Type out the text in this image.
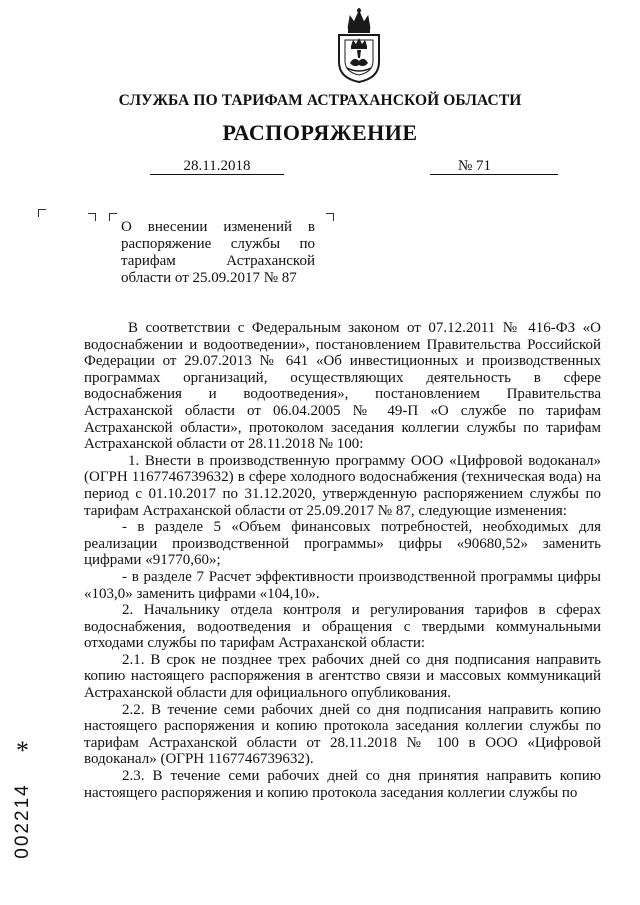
СЛУЖБА ПО ТАРИФАМ АСТРАХАНСКОЙ ОБЛАСТИ
РАСПОРЯЖЕНИЕ
28.11.2018	№ 71

О внесении изменений в

распоряжение службы по

тарифам Астраханской

области от 25.09.2017 № 87

В соответствии с Федеральным законом от 07.12.2011 № 416-ФЗ «О водоснабжении и водоотведении», постановлением Правительства Российской Федерации от 29.07.2013 № 641 «Об инвестиционных и производственных программах организаций, осуществляющих деятельность в сфере водоснабжения и водоотведения», постановлением Правительства Астраханской области от 06.04.2005 № 49-П «О службе по тарифам Астраханской области», протоколом заседания коллегии службы по тарифам Астраханской области от 28.11.2018 № 100:

1. Внести в производственную программу ООО «Цифровой водоканал» (ОГРН 1167746739632) в сфере холодного водоснабжения (техническая вода) на период с 01.10.2017 по 31.12.2020, утвержденную распоряжением службы по тарифам Астраханской области от 25.09.2017 № 87, следующие изменения:

- в разделе 5 «Объем финансовых потребностей, необходимых для реализации производственной программы» цифры «90680,52» заменить цифрами «91770,60»;

- в разделе 7 Расчет эффективности производственной программы цифры «103,0» заменить цифрами «104,10».

2. Начальнику отдела контроля и регулирования тарифов в сферах водоснабжения, водоотведения и обращения с твердыми коммунальными отходами службы по тарифам Астраханской области:

2.1. В срок не позднее трех рабочих дней со дня подписания направить копию настоящего распоряжения в агентство связи и массовых коммуникаций Астраханской области для официального опубликования.

2.2. В течение семи рабочих дней со дня подписания направить копию настоящего распоряжения и копию протокола заседания коллегии службы по тарифам Астраханской области от 28.11.2018 № 100 в ООО «Цифровой водоканал» (ОГРН 1167746739632).

2.3. В течение семи рабочих дней со дня принятия направить копию настоящего распоряжения и копию протокола заседания коллегии службы по

*
002214
